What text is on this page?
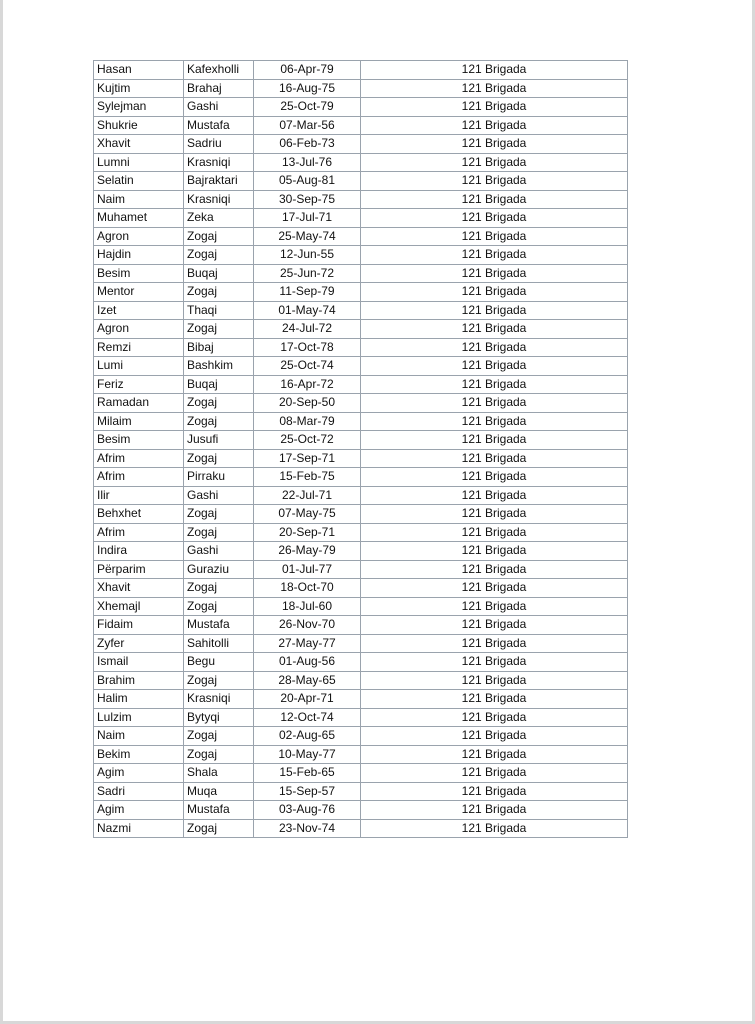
Hasan	Kafexholli	06-Apr-79	121 Brigada
Kujtim	Brahaj	16-Aug-75	121 Brigada
Sylejman	Gashi	25-Oct-79	121 Brigada
Shukrie	Mustafa	07-Mar-56	121 Brigada
Xhavit	Sadriu	06-Feb-73	121 Brigada
Lumni	Krasniqi	13-Jul-76	121 Brigada
Selatin	Bajraktari	05-Aug-81	121 Brigada
Naim	Krasniqi	30-Sep-75	121 Brigada
Muhamet	Zeka	17-Jul-71	121 Brigada
Agron	Zogaj	25-May-74	121 Brigada
Hajdin	Zogaj	12-Jun-55	121 Brigada
Besim	Buqaj	25-Jun-72	121 Brigada
Mentor	Zogaj	11-Sep-79	121 Brigada
Izet	Thaqi	01-May-74	121 Brigada
Agron	Zogaj	24-Jul-72	121 Brigada
Remzi	Bibaj	17-Oct-78	121 Brigada
Lumi	Bashkim	25-Oct-74	121 Brigada
Feriz	Buqaj	16-Apr-72	121 Brigada
Ramadan	Zogaj	20-Sep-50	121 Brigada
Milaim	Zogaj	08-Mar-79	121 Brigada
Besim	Jusufi	25-Oct-72	121 Brigada
Afrim	Zogaj	17-Sep-71	121 Brigada
Afrim	Pirraku	15-Feb-75	121 Brigada
Ilir	Gashi	22-Jul-71	121 Brigada
Behxhet	Zogaj	07-May-75	121 Brigada
Afrim	Zogaj	20-Sep-71	121 Brigada
Indira	Gashi	26-May-79	121 Brigada
Përparim	Guraziu	01-Jul-77	121 Brigada
Xhavit	Zogaj	18-Oct-70	121 Brigada
Xhemajl	Zogaj	18-Jul-60	121 Brigada
Fidaim	Mustafa	26-Nov-70	121 Brigada
Zyfer	Sahitolli	27-May-77	121 Brigada
Ismail	Begu	01-Aug-56	121 Brigada
Brahim	Zogaj	28-May-65	121 Brigada
Halim	Krasniqi	20-Apr-71	121 Brigada
Lulzim	Bytyqi	12-Oct-74	121 Brigada
Naim	Zogaj	02-Aug-65	121 Brigada
Bekim	Zogaj	10-May-77	121 Brigada
Agim	Shala	15-Feb-65	121 Brigada
Sadri	Muqa	15-Sep-57	121 Brigada
Agim	Mustafa	03-Aug-76	121 Brigada
Nazmi	Zogaj	23-Nov-74	121 Brigada
